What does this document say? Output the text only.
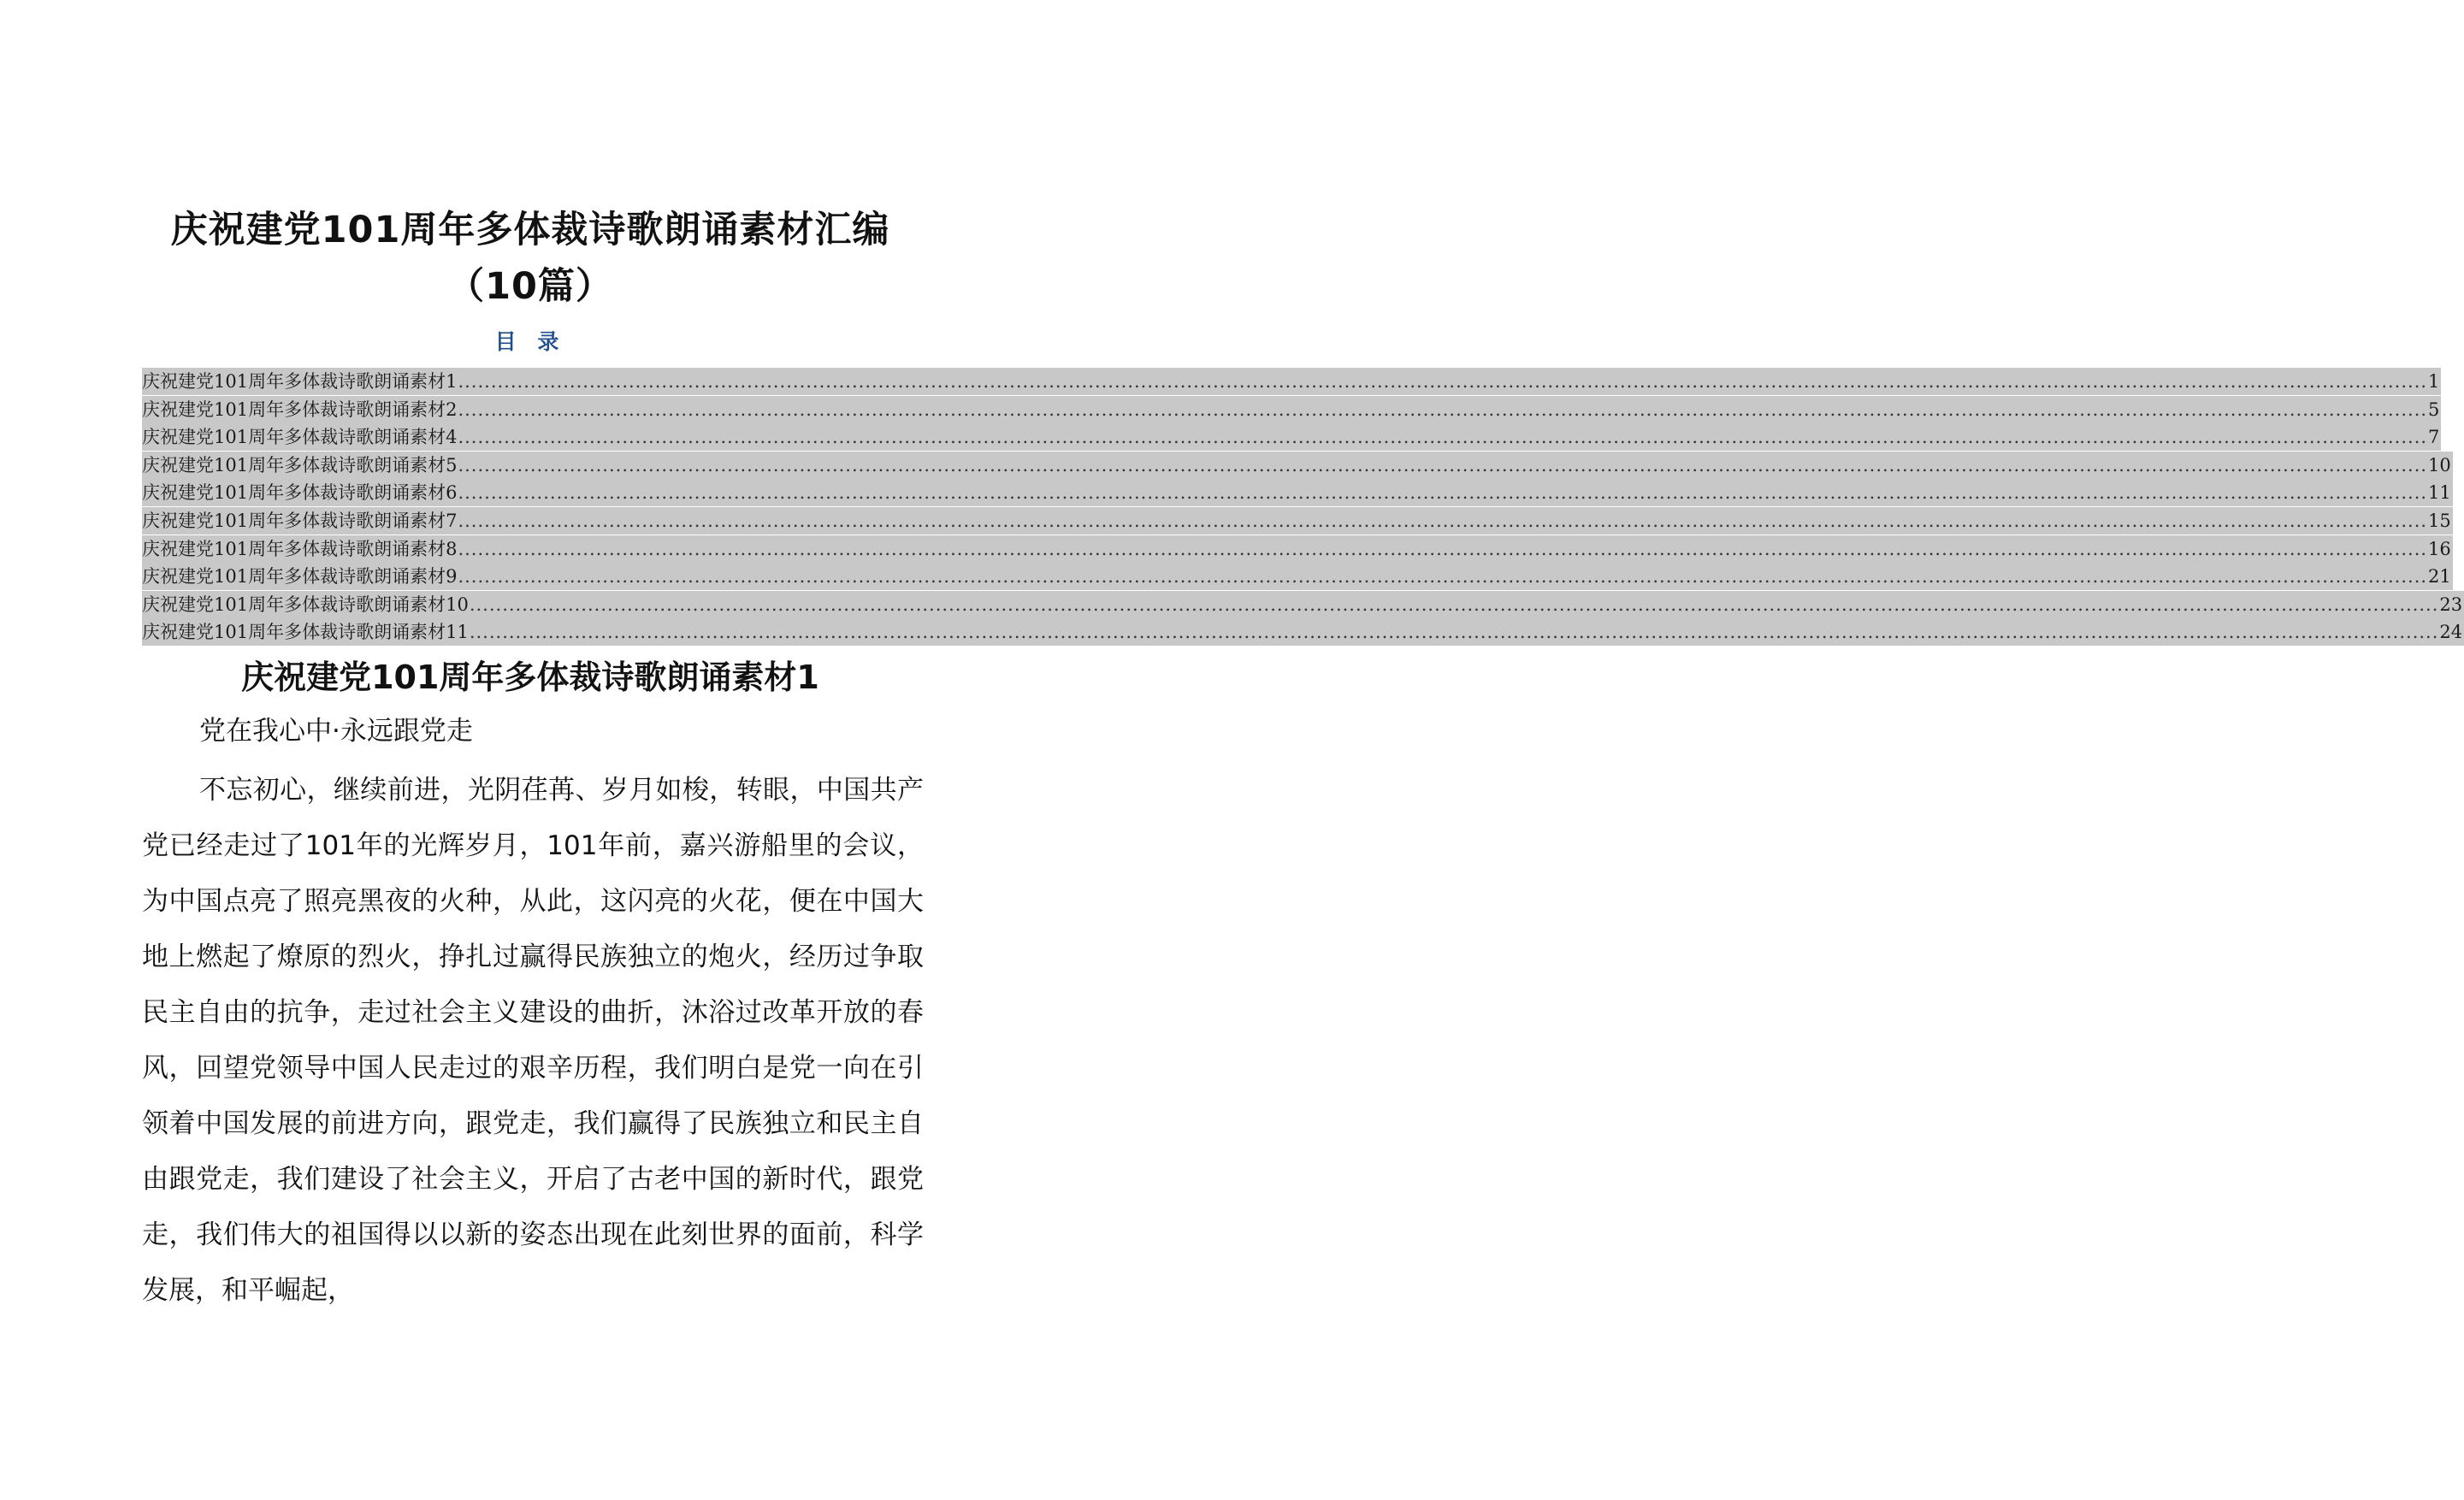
庆祝建党101周年多体裁诗歌朗诵素材汇编
（10篇）
目 录
庆祝建党101周年多体裁诗歌朗诵素材1 ............................................................................................................................................................................................................................................................................................................ 1
庆祝建党101周年多体裁诗歌朗诵素材2 ............................................................................................................................................................................................................................................................................................................ 5
庆祝建党101周年多体裁诗歌朗诵素材4 ............................................................................................................................................................................................................................................................................................................ 7
庆祝建党101周年多体裁诗歌朗诵素材5 ............................................................................................................................................................................................................................................................................................................ 10
庆祝建党101周年多体裁诗歌朗诵素材6 ............................................................................................................................................................................................................................................................................................................ 11
庆祝建党101周年多体裁诗歌朗诵素材7 ............................................................................................................................................................................................................................................................................................................ 15
庆祝建党101周年多体裁诗歌朗诵素材8 ............................................................................................................................................................................................................................................................................................................ 16
庆祝建党101周年多体裁诗歌朗诵素材9 ............................................................................................................................................................................................................................................................................................................ 21
庆祝建党101周年多体裁诗歌朗诵素材10 ............................................................................................................................................................................................................................................................................................................ 23
庆祝建党101周年多体裁诗歌朗诵素材11 ............................................................................................................................................................................................................................................................................................................ 24
庆祝建党101周年多体裁诗歌朗诵素材1
党在我心中·永远跟党走

不忘初心，继续前进，光阴荏苒、岁月如梭，转眼，中国共产党已经走过了101年的光辉岁月，101年前，嘉兴游船里的会议，为中国点亮了照亮黑夜的火种，从此，这闪亮的火花，便在中国大地上燃起了燎原的烈火，挣扎过赢得民族独立的炮火，经历过争取民主自由的抗争，走过社会主义建设的曲折，沐浴过改革开放的春风，回望党领导中国人民走过的艰辛历程，我们明白是党一向在引领着中国发展的前进方向，跟党走，我们赢得了民族独立和民主自由跟党走，我们建设了社会主义，开启了古老中国的新时代，跟党走，我们伟大的祖国得以以新的姿态出现在此刻世界的面前，科学发展，和平崛起，
